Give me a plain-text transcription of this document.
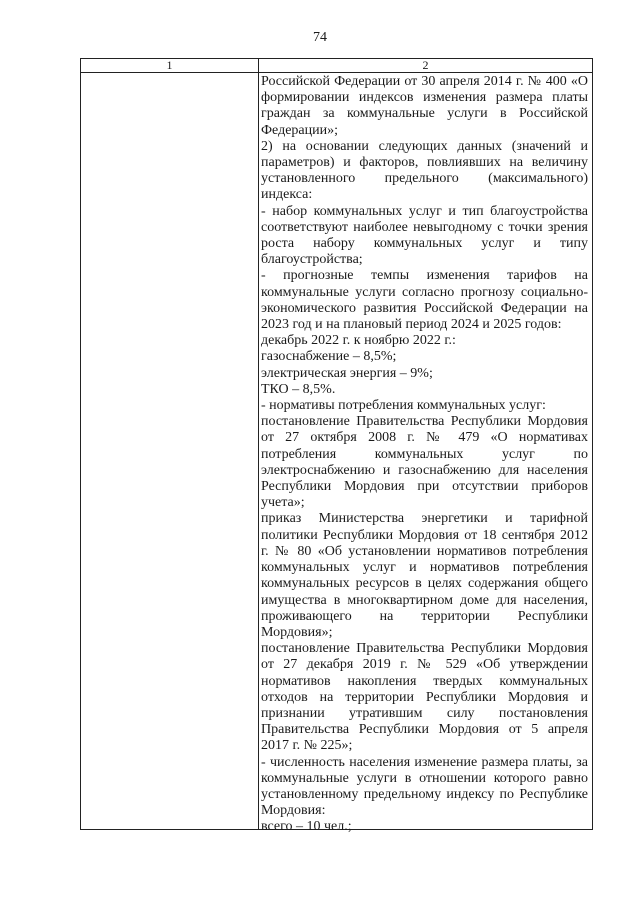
74
1	2

Российской Федерации от 30 апреля 2014 г. № 400 «О формировании индексов изменения размера платы граждан за коммунальные услуги в Российской Федерации»;

2) на основании следующих данных (значений и параметров) и факторов, повлиявших на величину установленного предельного (максимального) индекса:

- набор коммунальных услуг и тип благоустройства соответствуют наиболее невыгодному с точки зрения роста набору коммунальных услуг и типу благоустройства;

- прогнозные темпы изменения тарифов на коммунальные услуги согласно прогнозу социально-экономического развития Российской Федерации на 2023 год и на плановый период 2024 и 2025 годов:

декабрь 2022 г. к ноябрю 2022 г.:

газоснабжение – 8,5%;

электрическая энергия – 9%;

ТКО – 8,5%.

- нормативы потребления коммунальных услуг:

постановление Правительства Республики Мордовия от 27 октября 2008 г. № 479 «О нормативах потребления коммунальных услуг по электроснабжению и газоснабжению для населения Республики Мордовия при отсутствии приборов учета»;

приказ Министерства энергетики и тарифной политики Республики Мордовия от 18 сентября 2012 г. № 80 «Об установлении нормативов потребления коммунальных услуг и нормативов потребления коммунальных ресурсов в целях содержания общего имущества в многоквартирном доме для населения, проживающего на территории Республики Мордовия»;

постановление Правительства Республики Мордовия от 27 декабря 2019 г. № 529 «Об утверждении нормативов накопления твердых коммунальных отходов на территории Республики Мордовия и признании утратившим силу постановления Правительства Республики Мордовия от 5 апреля 2017 г. № 225»;

- численность населения изменение размера платы, за коммунальные услуги в отношении которого равно установленному предельному индексу по Республике Мордовия:

всего – 10 чел.;
